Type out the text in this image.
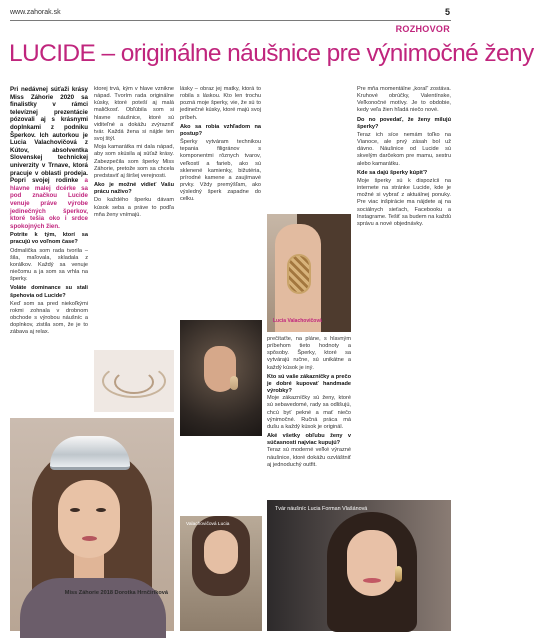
www.zahorak.sk	5
ROZHOVOR
LUCIDE – originálne náušnice pre výnimočné ženy

Pri nedávnej súťaži krásy Miss Záhorie 2020 sa finalistky v rámci televíznej prezentácie pózovali aj s krásnymi doplnkami z podniku Šperkov. Ich autorkou je Lucia Valachovičová z Kútov, absolventka Slovenskej technickej univerzity v Trnave, ktorá pracuje v oblasti prodeja. Popri svojej rodinke a hlavne malej dcérke sa pod značkou Lucide venuje práve výrobe jedinečných šperkov, ktoré tešia oko i srdce spokojných žien.

Potrite k tým, ktorí sa pracujú vo voľnom čase?

Odmalička som rada tvorila – šila, maľovala, skladala z korálkov. Každý sa venuje niečomu a ja som sa vrhla na šperky.

Voláte dominance su stali špehovia od Lucide?

Keď som sa pred niekoľkými rokmi zohnala v drobnom obchode s výrobou náušníc a doplnkov, zistila som, že je to zábava aj relax.

ktorej trvá, kým v hlave vznikne nápad. Tvorím rada originálne kúsky, ktoré poteší aj malá maličkosť. Obľúbila som si hlavne náušnice, ktoré sú viditeľné a dokážu zvýrazniť tvár. Každá žena si nájde ten svoj štýl.

Moja kamarátka mi dala nápad, aby som skúsila aj súťaž krásy. Zabezpečila som šperky Miss Záhorie, pretože som sa chcela predstaviť aj širšej verejnosti.

Ako je možné vidieť Vašu prácu naživo?

Do každého šperku dávam kúsok seba a práve to podľa mňa ženy vnímajú.

lásky – obraz jej matky, ktorá to robila s láskou. Kto len trochu pozná moje šperky, vie, že sú to jedinečné kúsky, ktoré majú svoj príbeh.

Ako sa robia vzhľadom na postup?

Šperky vytváram technikou tepania filigránov s komponentmi rôznych tvarov, veľkostí a farieb, ako sú sklenené kamienky, bižutéria, prírodné kamene a zaujímavé prvky. Vždy premýšľam, ako výsledný šperk zapadne do celku.

Pre mňa momentálne „koral“ zostáva. Kruhové obrúčky, Valentínske, Veľkonočné motívy. Je to obdobie, kedy veľa žien hľadá niečo nové.

Do no povedať, že ženy milujú šperky?

Teraz ich síce nemám toľko na Vianoce, ale prvý zásah bol už dávno. Náušnice od Lucide sú skvelým darčekom pre mamu, sestru alebo kamarátku.

Kde sa dajú šperky kúpiť?

Moje šperky sú k dispozícii na internete na stránke Lucide, kde je možné si vybrať z aktuálnej ponuky. Pre viac inšpirácie ma nájdete aj na sociálnych sieťach, Facebooku a Instagrame. Tešiť sa budem na každú správu a nové objednávky.

prečítaťte, na pláne, s hlavným príbehom tieto hodnoty a spôsoby. Šperky, ktoré sa vytvárajú ručne, sú unikátne a každý kúsok je iný.

Kto sú vaše zákazníčky a prečo je dobré kupovať handmade výrobky?

Moje zákazníčky sú ženy, ktoré sú sebavedomé, rady sa odlišujú, chcú byť pekné a mať niečo výnimočné. Ručná práca má dušu a každý kúsok je originál.

Aké všetky obľubu ženy v súčasnosti najviac kupujú?

Teraz sú moderné veľké výrazné náušnice, ktoré dokážu ozvláštniť aj jednoduchý outfit.

Miss Záhorie 2018 Dorotka Hrnčiríková
Valachovičová Lucia
Lucia Valachovičová
Tvár náušníc Lucia Forman Vlašánová
